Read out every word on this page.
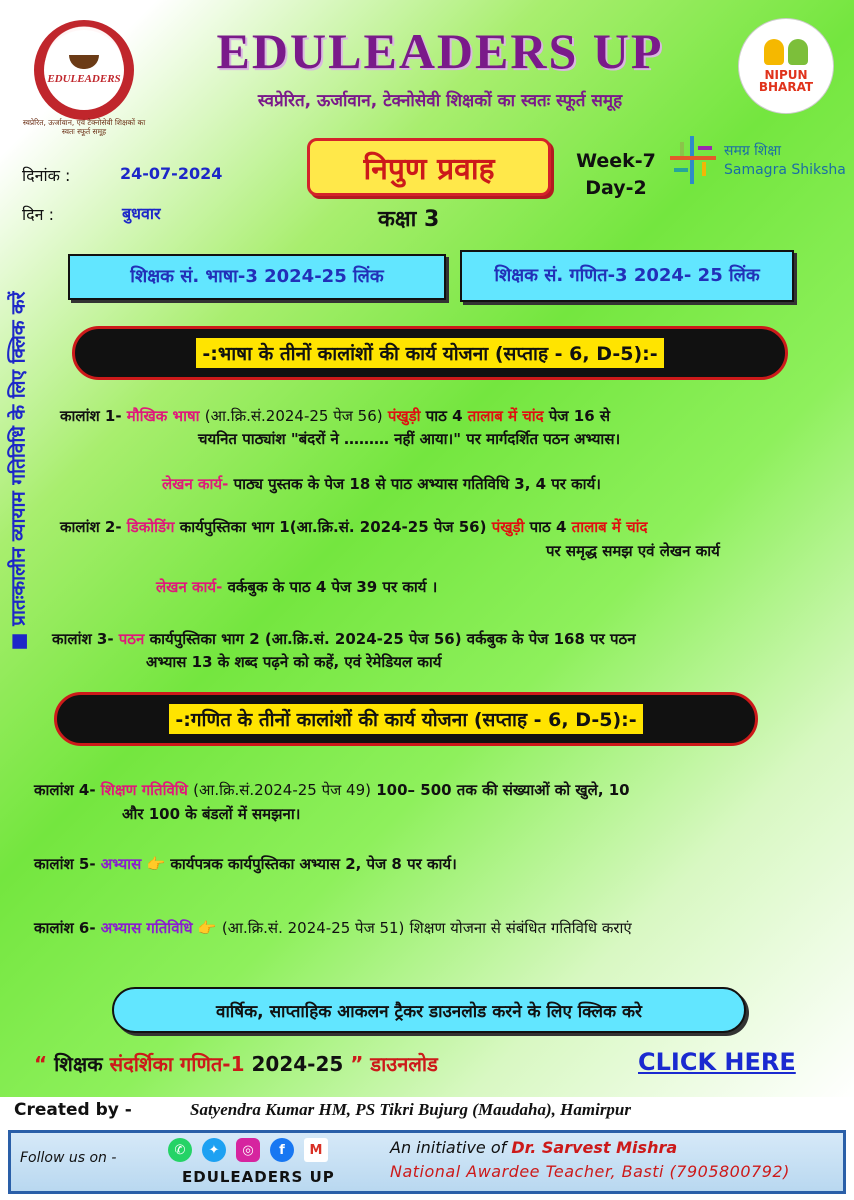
EDULEADERS
स्वप्रेरित, ऊर्जावान, एवं टेक्नोसेवी शिक्षकों का स्वतः स्फूर्त समूह
EDULEADERS UP
स्वप्रेरित, ऊर्जावान, टेक्नोसेवी शिक्षकों का स्वतः स्फूर्त समूह
NIPUN BHARAT
दिनांक :	24-07-2024
दिन :	बुधवार
निपुण प्रवाह	Week-7
Day-2
समग्र शिक्षा
Samagra Shiksha
कक्षा 3
■ प्रातःकालीन व्यायाम गतिविधि के लिए क्लिक करें
शिक्षक सं. भाषा-3 2024-25 लिंक	शिक्षक सं. गणित-3 2024- 25 लिंक
-:भाषा के तीनों कालांशों की कार्य योजना (सप्ताह - 6, D-5):-
कालांश 1- मौखिक भाषा (आ.क्रि.सं.2024-25 पेज 56) पंखुड़ी पाठ 4 तालाब में चांद पेज 16 से
चयनित पाठ्यांश "बंदरों ने ……… नहीं आया।" पर मार्गदर्शित पठन अभ्यास।
लेखन कार्य- पाठ्य पुस्तक के पेज 18 से पाठ अभ्यास गतिविधि 3, 4 पर कार्य।
कालांश 2- डिकोडिंग कार्यपुस्तिका भाग 1(आ.क्रि.सं. 2024-25 पेज 56) पंखुड़ी पाठ 4 तालाब में चांद
पर समृद्ध समझ एवं लेखन कार्य
लेखन कार्य- वर्कबुक के पाठ 4 पेज 39 पर कार्य ।
कालांश 3- पठन कार्यपुस्तिका भाग 2 (आ.क्रि.सं. 2024-25 पेज 56) वर्कबुक के पेज 168 पर पठन
अभ्यास 13 के शब्द पढ़ने को कहें, एवं रेमेडियल कार्य
-:गणित के तीनों कालांशों की कार्य योजना (सप्ताह - 6, D-5):-
कालांश 4- शिक्षण गतिविधि (आ.क्रि.सं.2024-25 पेज 49) 100– 500 तक की संख्याओं को खुले, 10
और 100 के बंडलों में समझना।
कालांश 5- अभ्यास 👉 कार्यपत्रक कार्यपुस्तिका अभ्यास 2, पेज 8 पर कार्य।
कालांश 6- अभ्यास गतिविधि 👉 (आ.क्रि.सं. 2024-25 पेज 51) शिक्षण योजना से संबंधित गतिविधि कराएं
वार्षिक, साप्ताहिक आकलन ट्रैकर डाउनलोड करने के लिए क्लिक करे
“ शिक्षक संदर्शिका गणित-1 2024-25 ” डाउनलोड	CLICK HERE
Created by -	Satyendra Kumar HM, PS Tikri Bujurg (Maudaha), Hamirpur
Follow us on -	✆	✦	◎	f	M
EDULEADERS UP
An initiative of Dr. Sarvest Mishra
National Awardee Teacher, Basti (7905800792)
